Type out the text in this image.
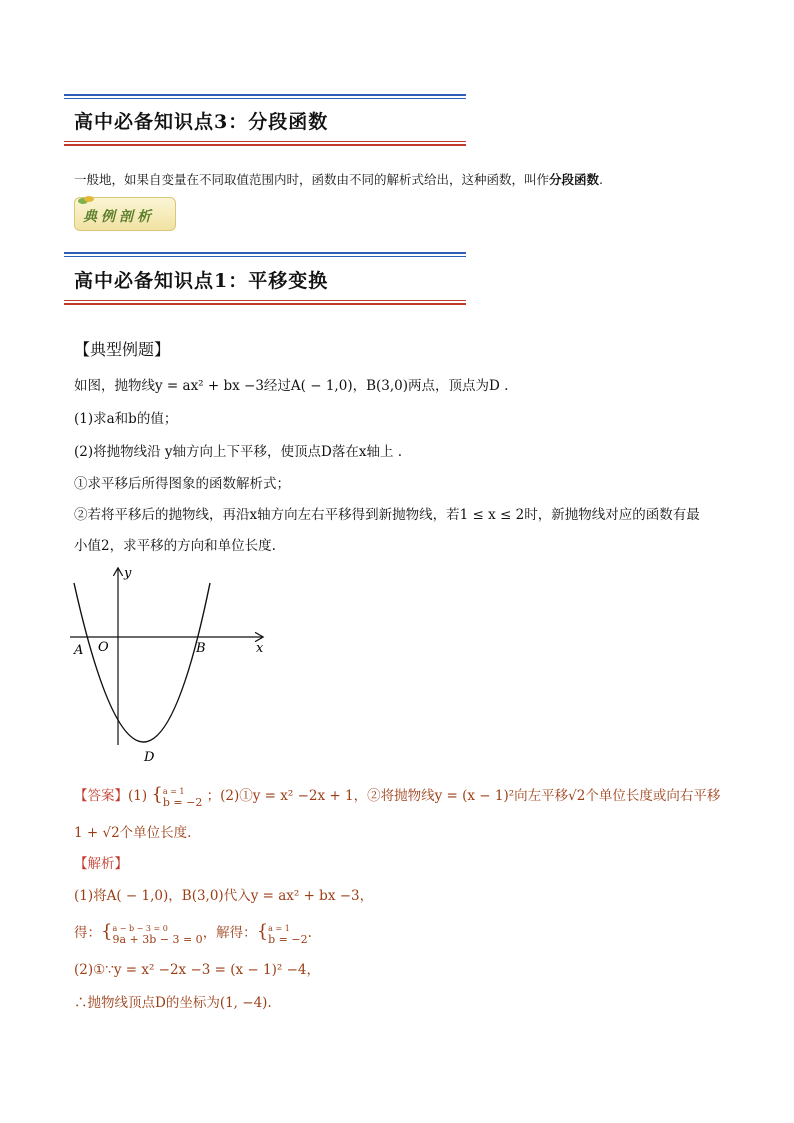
高中必备知识点3：分段函数
一般地，如果自变量在不同取值范围内时，函数由不同的解析式给出，这种函数，叫作分段函数.
典例剖析
高中必备知识点1：平移变换
【典型例题】
如图，抛物线y = ax² + bx −3经过A( − 1,0)，B(3,0)两点，顶点为D .
(1)求a和b的值；
(2)将抛物线沿 y轴方向上下平移，使顶点D落在x轴上 .
①求平移后所得图象的函数解析式；
②若将平移后的抛物线，再沿x轴方向左右平移得到新抛物线，若1 ≤ x ≤ 2时，新抛物线对应的函数有最
小值2，求平移的方向和单位长度.
y
x
O
A	B
D
【答案】(1) { a = 1
b = −2 ；(2)①y = x² −2x + 1，②将抛物线y = (x − 1)²向左平移√2个单位长度或向右平移
1 + √2个单位长度.
【解析】
(1)将A( − 1,0)，B(3,0)代入y = ax² + bx −3，
得：{ a − b − 3 = 0
9a + 3b − 3 = 0 ，解得：{ a = 1
b = −2 .
(2)①∵y = x² −2x −3 = (x − 1)² −4，
∴抛物线顶点D的坐标为(1, −4).
